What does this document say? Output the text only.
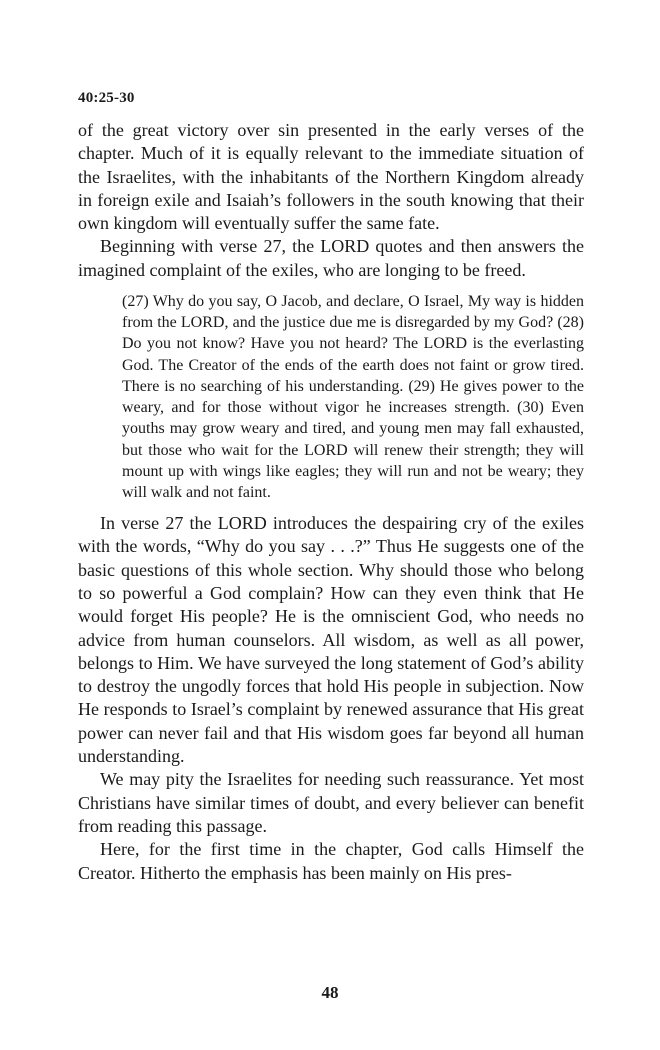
40:25-30

of the great victory over sin presented in the early verses of the chapter. Much of it is equally relevant to the immediate situation of the Israelites, with the inhabitants of the Northern Kingdom already in foreign exile and Isaiah’s followers in the south knowing that their own kingdom will eventually suffer the same fate.

Beginning with verse 27, the LORD quotes and then answers the imagined complaint of the exiles, who are longing to be freed.

(27) Why do you say, O Jacob, and declare, O Israel, My way is hidden from the LORD, and the justice due me is disregarded by my God? (28) Do you not know? Have you not heard? The LORD is the everlasting God. The Creator of the ends of the earth does not faint or grow tired. There is no searching of his understanding. (29) He gives power to the weary, and for those without vigor he increases strength. (30) Even youths may grow weary and tired, and young men may fall exhausted, but those who wait for the LORD will renew their strength; they will mount up with wings like eagles; they will run and not be weary; they will walk and not faint.

In verse 27 the LORD introduces the despairing cry of the exiles with the words, “Why do you say . . .?” Thus He suggests one of the basic questions of this whole section. Why should those who belong to so powerful a God complain? How can they even think that He would forget His people? He is the omniscient God, who needs no advice from human counselors. All wisdom, as well as all power, belongs to Him. We have surveyed the long statement of God’s ability to destroy the ungodly forces that hold His people in subjection. Now He responds to Israel’s complaint by renewed assurance that His great power can never fail and that His wisdom goes far beyond all human understanding.

We may pity the Israelites for needing such reassurance. Yet most Christians have similar times of doubt, and every believer can benefit from reading this passage.

Here, for the first time in the chapter, God calls Himself the Creator. Hitherto the emphasis has been mainly on His pres-

48
